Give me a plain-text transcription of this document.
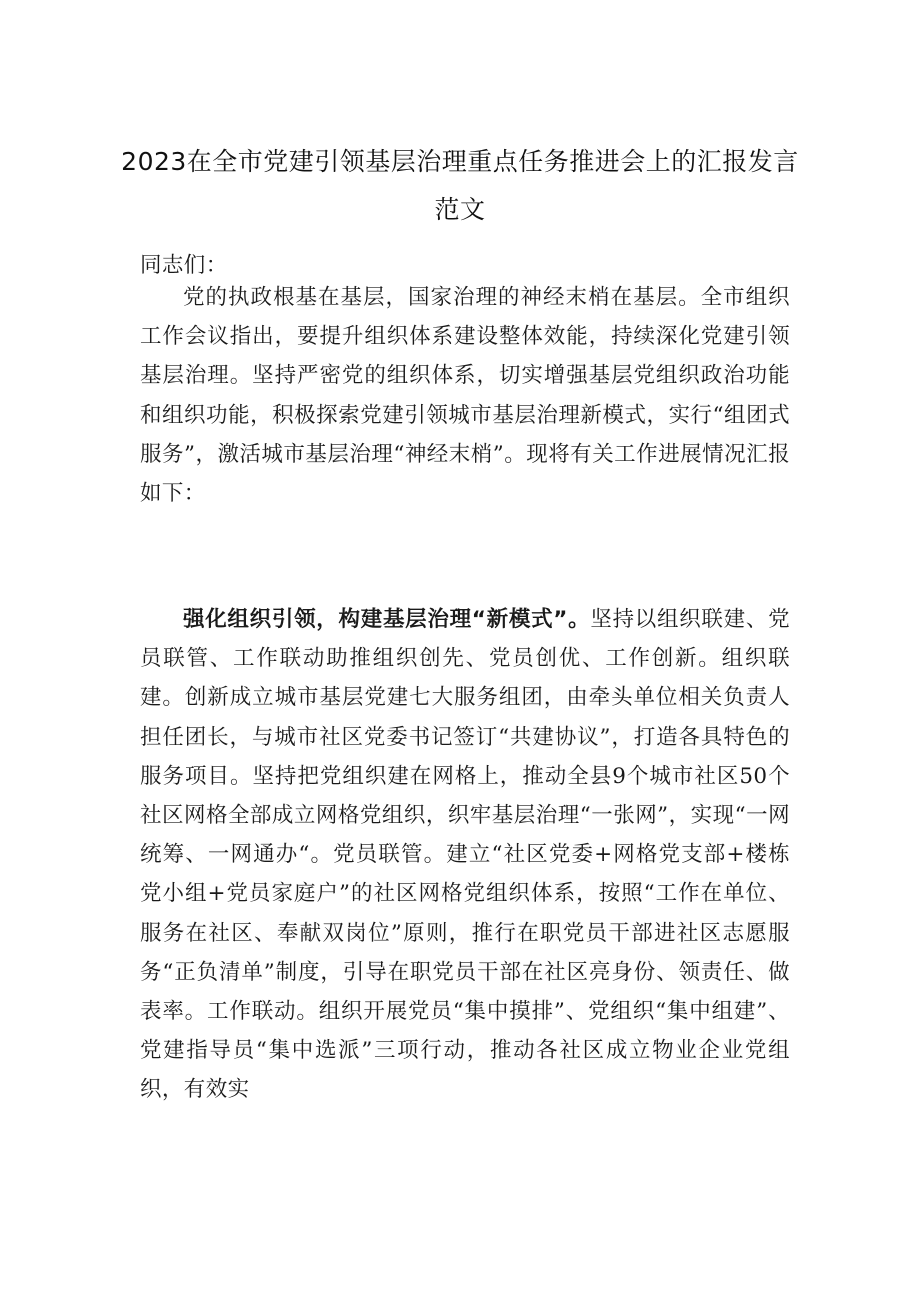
2023在全市党建引领基层治理重点任务推进会上的汇报发言范文
同志们：
党的执政根基在基层，国家治理的神经末梢在基层。全市组织工作会议指出，要提升组织体系建设整体效能，持续深化党建引领基层治理。坚持严密党的组织体系，切实增强基层党组织政治功能和组织功能，积极探索党建引领城市基层治理新模式，实行“组团式服务”，激活城市基层治理“神经末梢”。现将有关工作进展情况汇报如下：
强化组织引领，构建基层治理“新模式”。坚持以组织联建、党员联管、工作联动助推组织创先、党员创优、工作创新。组织联建。创新成立城市基层党建七大服务组团，由牵头单位相关负责人担任团长，与城市社区党委书记签订“共建协议”，打造各具特色的服务项目。坚持把党组织建在网格上，推动全县9个城市社区50个社区网格全部成立网格党组织，织牢基层治理“一张网”，实现“一网统筹、一网通办“。党员联管。建立“社区党委+网格党支部+楼栋党小组+党员家庭户”的社区网格党组织体系，按照“工作在单位、服务在社区、奉献双岗位”原则，推行在职党员干部进社区志愿服务“正负清单”制度，引导在职党员干部在社区亮身份、领责任、做表率。工作联动。组织开展党员“集中摸排”、党组织“集中组建”、党建指导员“集中选派”三项行动，推动各社区成立物业企业党组织，有效实
